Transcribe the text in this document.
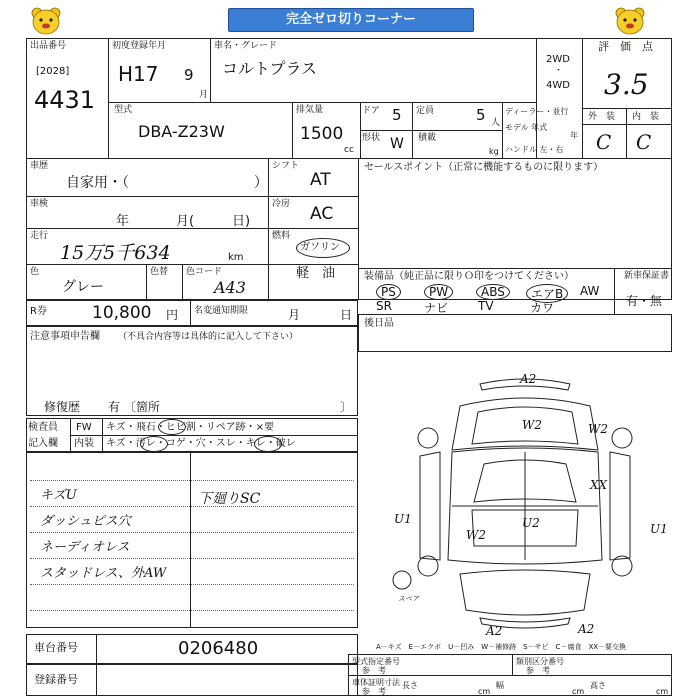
完全ゼロ切りコーナー
出品番号
[2028]
4431
初度登録年月
H17 9
月
車名・グレード
コルトプラス	2WD
・
4WD
評　価　点
3.5
外　装 内　装
C C
型式
DBA-Z23W
排気量
1500
cc
ドア 5 定員	5 人
形状 W 積載
kg
ディーラー・並行
モデル 年式
年
ハンドル 左・右
車歴
自家用・（	）
シフト
AT
車検
年	月(	日)
冷房 AC
走行
15万5千634	km
燃料
ガソリン
軽　油
色
グレー
色替 色コード
A43
R券	10,800 円 名変通知期限	月	日
注意事項申告欄 （不具合内容等は具体的に記入して下さい）
修復歴 有 〔箇所	〕
セールスポイント（正常に機能するものに限ります）
装備品（純正品に限りＯ印をつけてください）	新車保証書
有・無
PS	PW	ABS	エアB	AW
SR	ナビ TV	カワ
後日品
検査員
記入欄
FW キズ・飛石・ヒビ割・リペア跡・×要
内装 キズ・汚レ・コゲ・穴・スレ・キレ・破レ
キズU
ダッシュピス穴
ネーディオレス
スタッドレス、外AW
下廻りSC
A2
W2	W2
XX
U1
W2
U2	U1
A2	A2
スペア
A－キズ　E－エクボ　U－凹み　W－補修跡　S－サビ　C－腐食　XX－要交換
車台番号	0206480
登録番号
型式指定番号
参　考
類別区分番号
参　考
車体証明寸法
参　考
長さ
cm
幅
cm
高さ
cm
